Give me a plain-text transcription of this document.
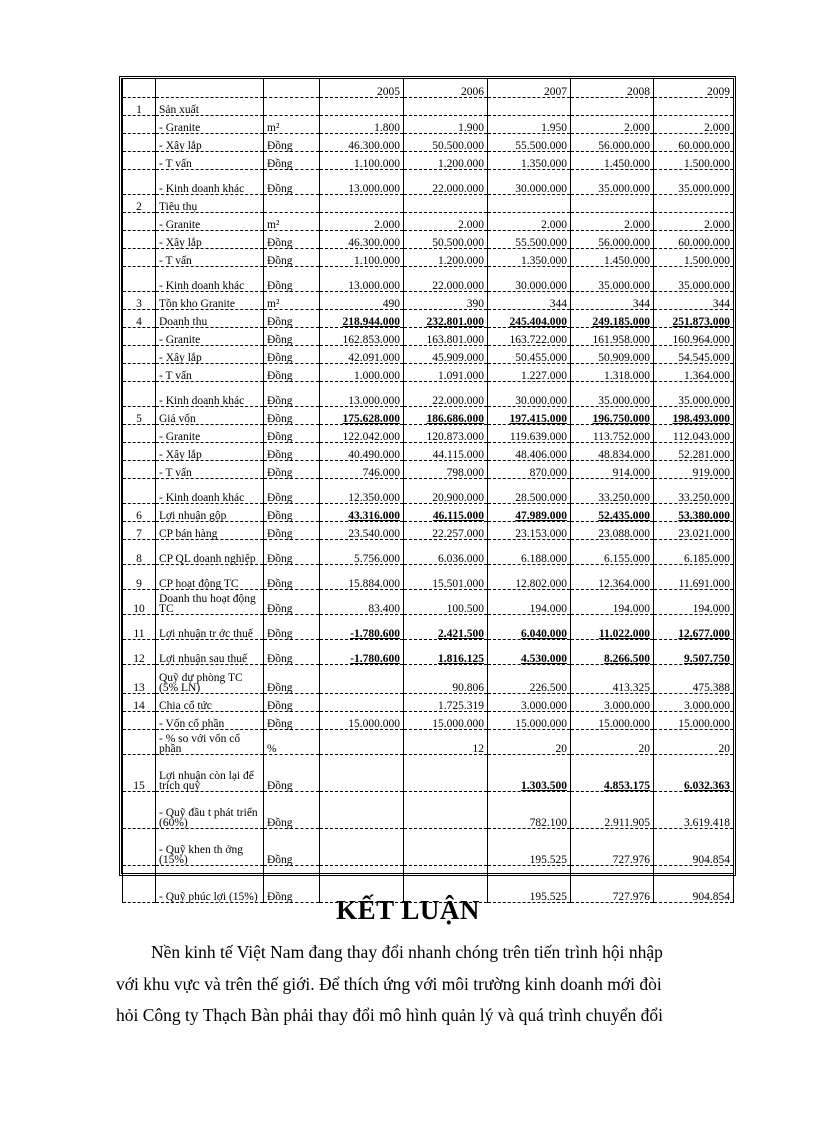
			2005	2006	2007	2008	2009
1	Sản xuất						
	- Granite	m²	1.800	1.900	1.950	2.000	2.000
	- Xây lắp	Đồng	46.300.000	50.500.000	55.500.000	56.000.000	60.000.000
	- T vấn	Đồng	1.100.000	1.200.000	1.350.000	1.450.000	1.500.000
	- Kinh doanh khác	Đồng	13.000.000	22.000.000	30.000.000	35.000.000	35.000.000
2	Tiêu thụ						
	- Granite	m²	2.000	2.000	2.000	2.000	2.000
	- Xây lắp	Đồng	46.300.000	50.500.000	55.500.000	56.000.000	60.000.000
	- T vấn	Đồng	1.100.000	1.200.000	1.350.000	1.450.000	1.500.000
	- Kinh doanh khác	Đồng	13.000.000	22.000.000	30.000.000	35.000.000	35.000.000
3	Tồn kho Granite	m²	490	390	344	344	344
4	Doanh thu	Đồng	218.944.000	232.801.000	245.404.000	249.185.000	251.873.000
	- Granite	Đồng	162.853.000	163.801.000	163.722.000	161.958.000	160.964.000
	- Xây lắp	Đồng	42.091.000	45.909.000	50.455.000	50.909.000	54.545.000
	- T vấn	Đồng	1.000.000	1.091.000	1.227.000	1.318.000	1.364.000
	- Kinh doanh khác	Đồng	13.000.000	22.000.000	30.000.000	35.000.000	35.000.000
5	Giá vốn	Đồng	175.628.000	186.686.000	197.415.000	196.750.000	198.493.000
	- Granite	Đồng	122.042.000	120.873.000	119.639.000	113.752.000	112.043.000
	- Xây lắp	Đồng	40.490.000	44.115.000	48.406.000	48.834.000	52.281.000
	- T vấn	Đồng	746.000	798.000	870.000	914.000	919.000
	- Kinh doanh khác	Đồng	12.350.000	20.900.000	28.500.000	33.250.000	33.250.000
6	Lợi nhuận gộp	Đồng	43.316.000	46.115.000	47.989.000	52.435.000	53.380.000
7	CP bán hàng	Đồng	23.540.000	22.257.000	23.153.000	23.088.000	23.021.000
8	CP QL doanh nghiệp	Đồng	5.756.000	6.036.000	6.188.000	6.155.000	6.185.000
9	CP hoạt động TC	Đồng	15.884.000	15.501.000	12.802.000	12.364.000	11.691.000
10	Doanh thu hoạt động TC	Đồng	83.400	100.500	194.000	194.000	194.000
11	Lợi nhuận tr ớc thuế	Đồng	-1.780.600	2.421.500	6.040.000	11.022.000	12.677.000
12	Lợi nhuận sau thuế	Đồng	-1.780.600	1.816.125	4.530.000	8.266.500	9.507.750
13	Quỹ dự phòng TC (5% LN)	Đồng		90.806	226.500	413.325	475.388
14	Chia cổ tức	Đồng		1.725.319	3.000.000	3.000.000	3.000.000
	- Vốn cổ phần	Đồng	15.000.000	15.000.000	15.000.000	15.000.000	15.000.000
	- % so với vốn cổ phần	%		12	20	20	20
15	Lợi nhuận còn lại để trích quỹ	Đồng			1.303.500	4.853.175	6.032.363
	- Quỹ đầu t phát triển (60%)	Đồng			782.100	2.911.905	3.619.418
	- Quỹ khen th ởng (15%)	Đồng			195.525	727.976	904.854
	- Quỹ phúc lợi (15%)	Đồng			195.525	727.976	904.854
KẾT LUẬN

Nền kinh tế Việt Nam đang thay đổi nhanh chóng trên tiến trình hội nhập
với khu vực và trên thế giới. Để thích ứng với môi trường kinh doanh mới đòi
hỏi Công ty Thạch Bàn phải thay đổi mô hình quản lý và quá trình chuyển đổi
